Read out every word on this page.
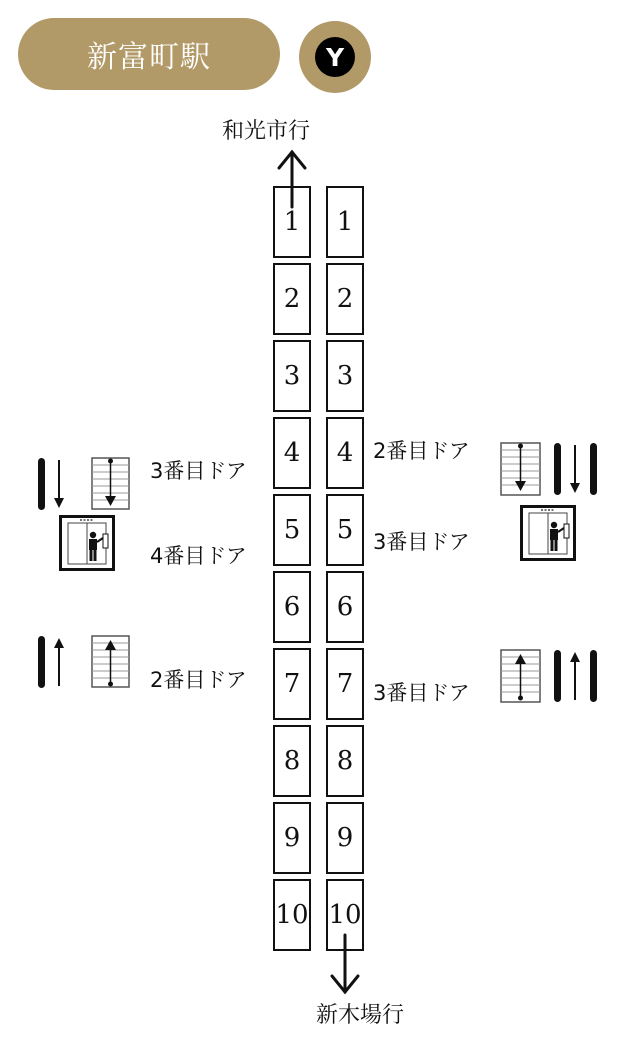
新富町駅	Y
和光市行
新木場行
1
2
3
4
5
6
7
8
9
10
1
2
3
4
5
6
7
8
9
10
3番目ドア
4番目ドア
2番目ドア
2番目ドア
3番目ドア
3番目ドア
